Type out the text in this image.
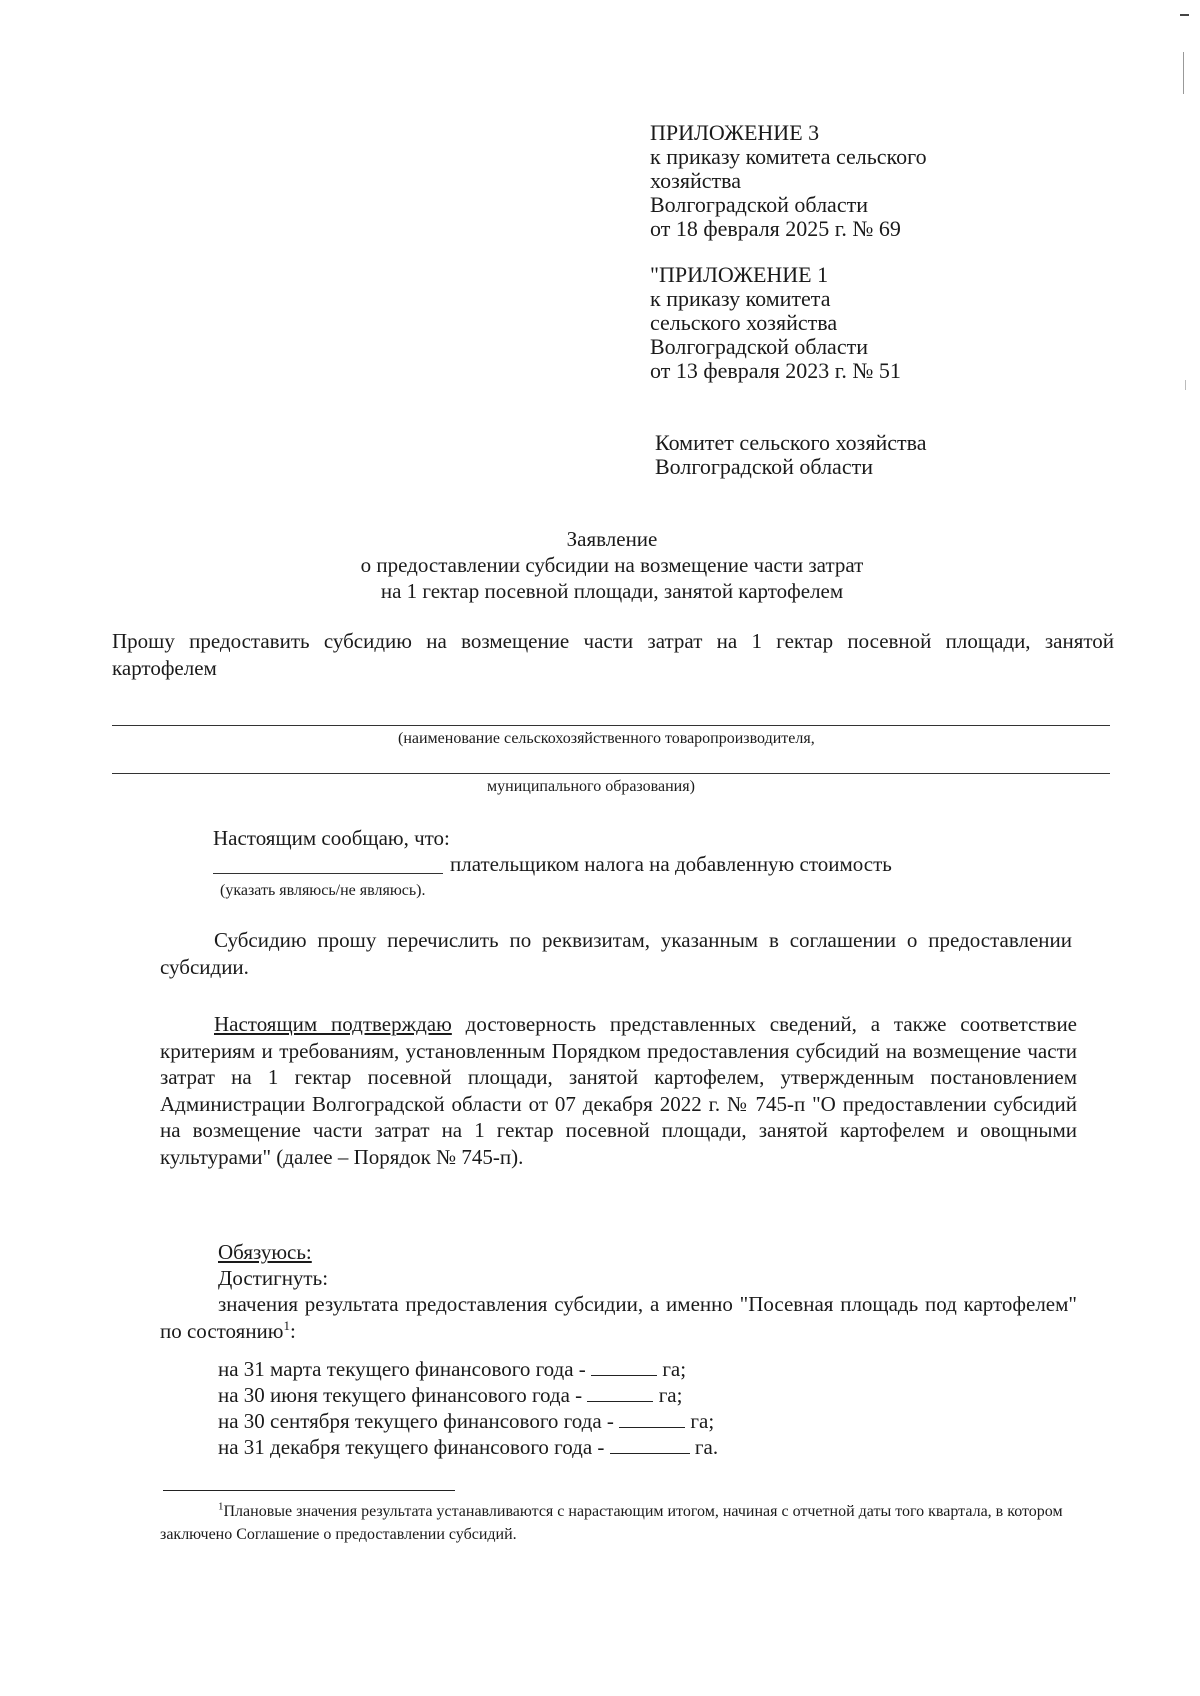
ПРИЛОЖЕНИЕ 3
к приказу комитета сельского
хозяйства
Волгоградской области
от 18 февраля 2025 г. № 69
"ПРИЛОЖЕНИЕ 1
к приказу комитета
сельского хозяйства
Волгоградской области
от 13 февраля 2023 г. № 51
Комитет сельского хозяйства
Волгоградской области
Заявление
о предоставлении субсидии на возмещение части затрат
на 1 гектар посевной площади, занятой картофелем
Прошу предоставить субсидию на возмещение части затрат на 1 гектар посевной площади, занятой картофелем
(наименование сельскохозяйственного товаропроизводителя,
муниципального образования)
Настоящим сообщаю, что:
плательщиком налога на добавленную стоимость
(указать являюсь/не являюсь).
Субсидию прошу перечислить по реквизитам, указанным в соглашении о предоставлении субсидии.
Настоящим подтверждаю достоверность представленных сведений, а также соответствие критериям и требованиям, установленным Порядком предоставления субсидий на возмещение части затрат на 1 гектар посевной площади, занятой картофелем, утвержденным постановлением Администрации Волгоградской области от 07 декабря 2022 г. № 745-п "О предоставлении субсидий на возмещение части затрат на 1 гектар посевной площади, занятой картофелем и овощными культурами" (далее – Порядок № 745-п).
Обязуюсь:
Достигнуть:
значения результата предоставления субсидии, а именно "Посевная площадь под картофелем" по состоянию$^1$:
на 31 марта текущего финансового года -	га;
на 30 июня текущего финансового года -	га;
на 30 сентября текущего финансового года -	га;
на 31 декабря текущего финансового года -	га.
$^1$Плановые значения результата устанавливаются с нарастающим итогом, начиная с отчетной даты того квартала, в котором заключено Соглашение о предоставлении субсидий.
